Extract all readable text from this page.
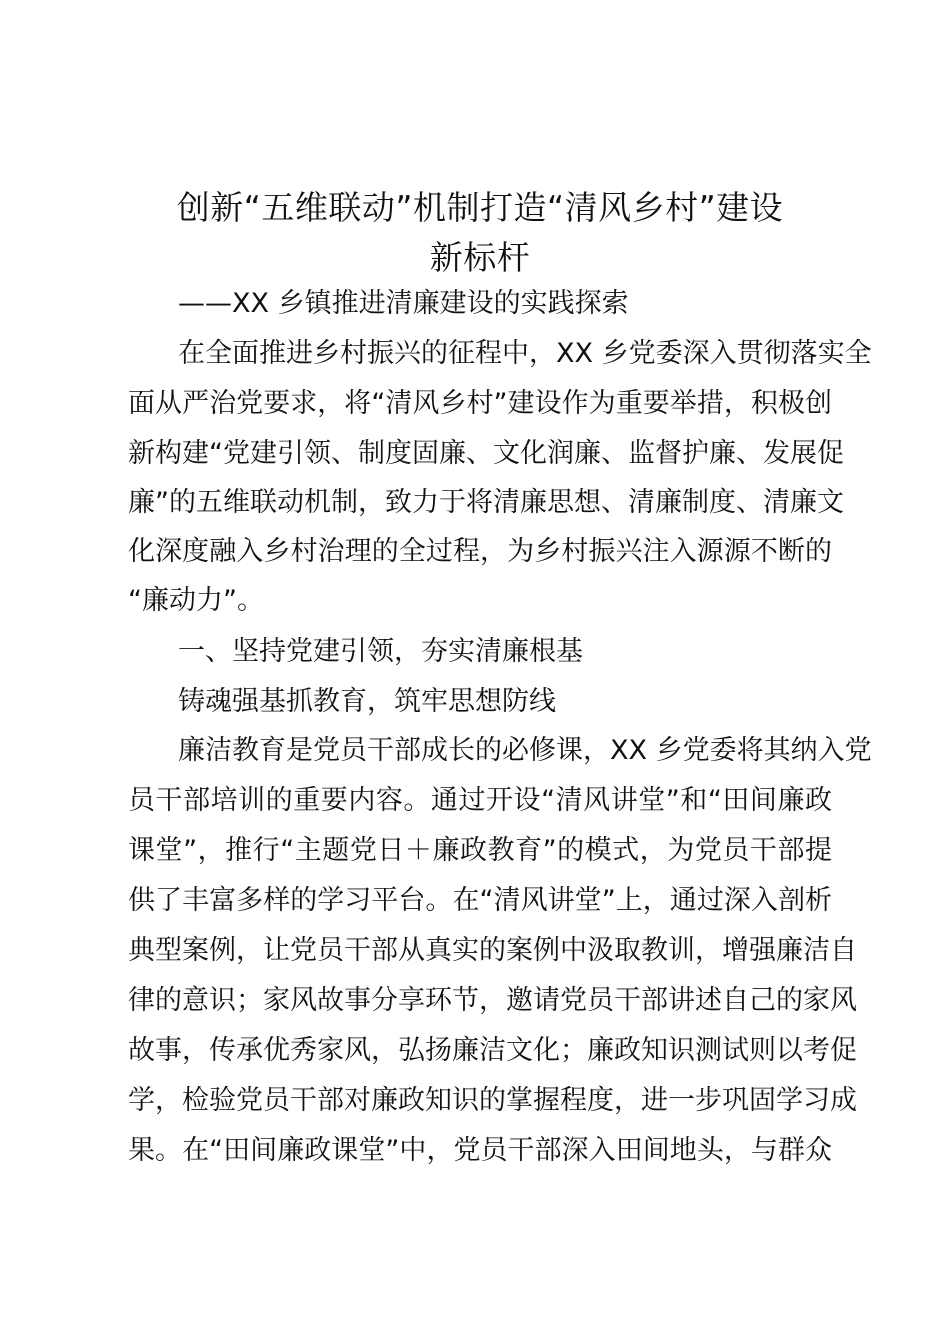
创新“五维联动”机制打造“清风乡村”建设
新标杆
——XX 乡镇推进清廉建设的实践探索
在全面推进乡村振兴的征程中，XX 乡党委深入贯彻落实全
面从严治党要求，将“清风乡村”建设作为重要举措，积极创
新构建“党建引领、制度固廉、文化润廉、监督护廉、发展促
廉”的五维联动机制，致力于将清廉思想、清廉制度、清廉文
化深度融入乡村治理的全过程，为乡村振兴注入源源不断的
“廉动力”。
一、坚持党建引领，夯实清廉根基
铸魂强基抓教育，筑牢思想防线
廉洁教育是党员干部成长的必修课，XX 乡党委将其纳入党
员干部培训的重要内容。通过开设“清风讲堂”和“田间廉政
课堂”，推行“主题党日＋廉政教育”的模式，为党员干部提
供了丰富多样的学习平台。在“清风讲堂”上，通过深入剖析
典型案例，让党员干部从真实的案例中汲取教训，增强廉洁自
律的意识；家风故事分享环节，邀请党员干部讲述自己的家风
故事，传承优秀家风，弘扬廉洁文化；廉政知识测试则以考促
学，检验党员干部对廉政知识的掌握程度，进一步巩固学习成
果。在“田间廉政课堂”中，党员干部深入田间地头，与群众
